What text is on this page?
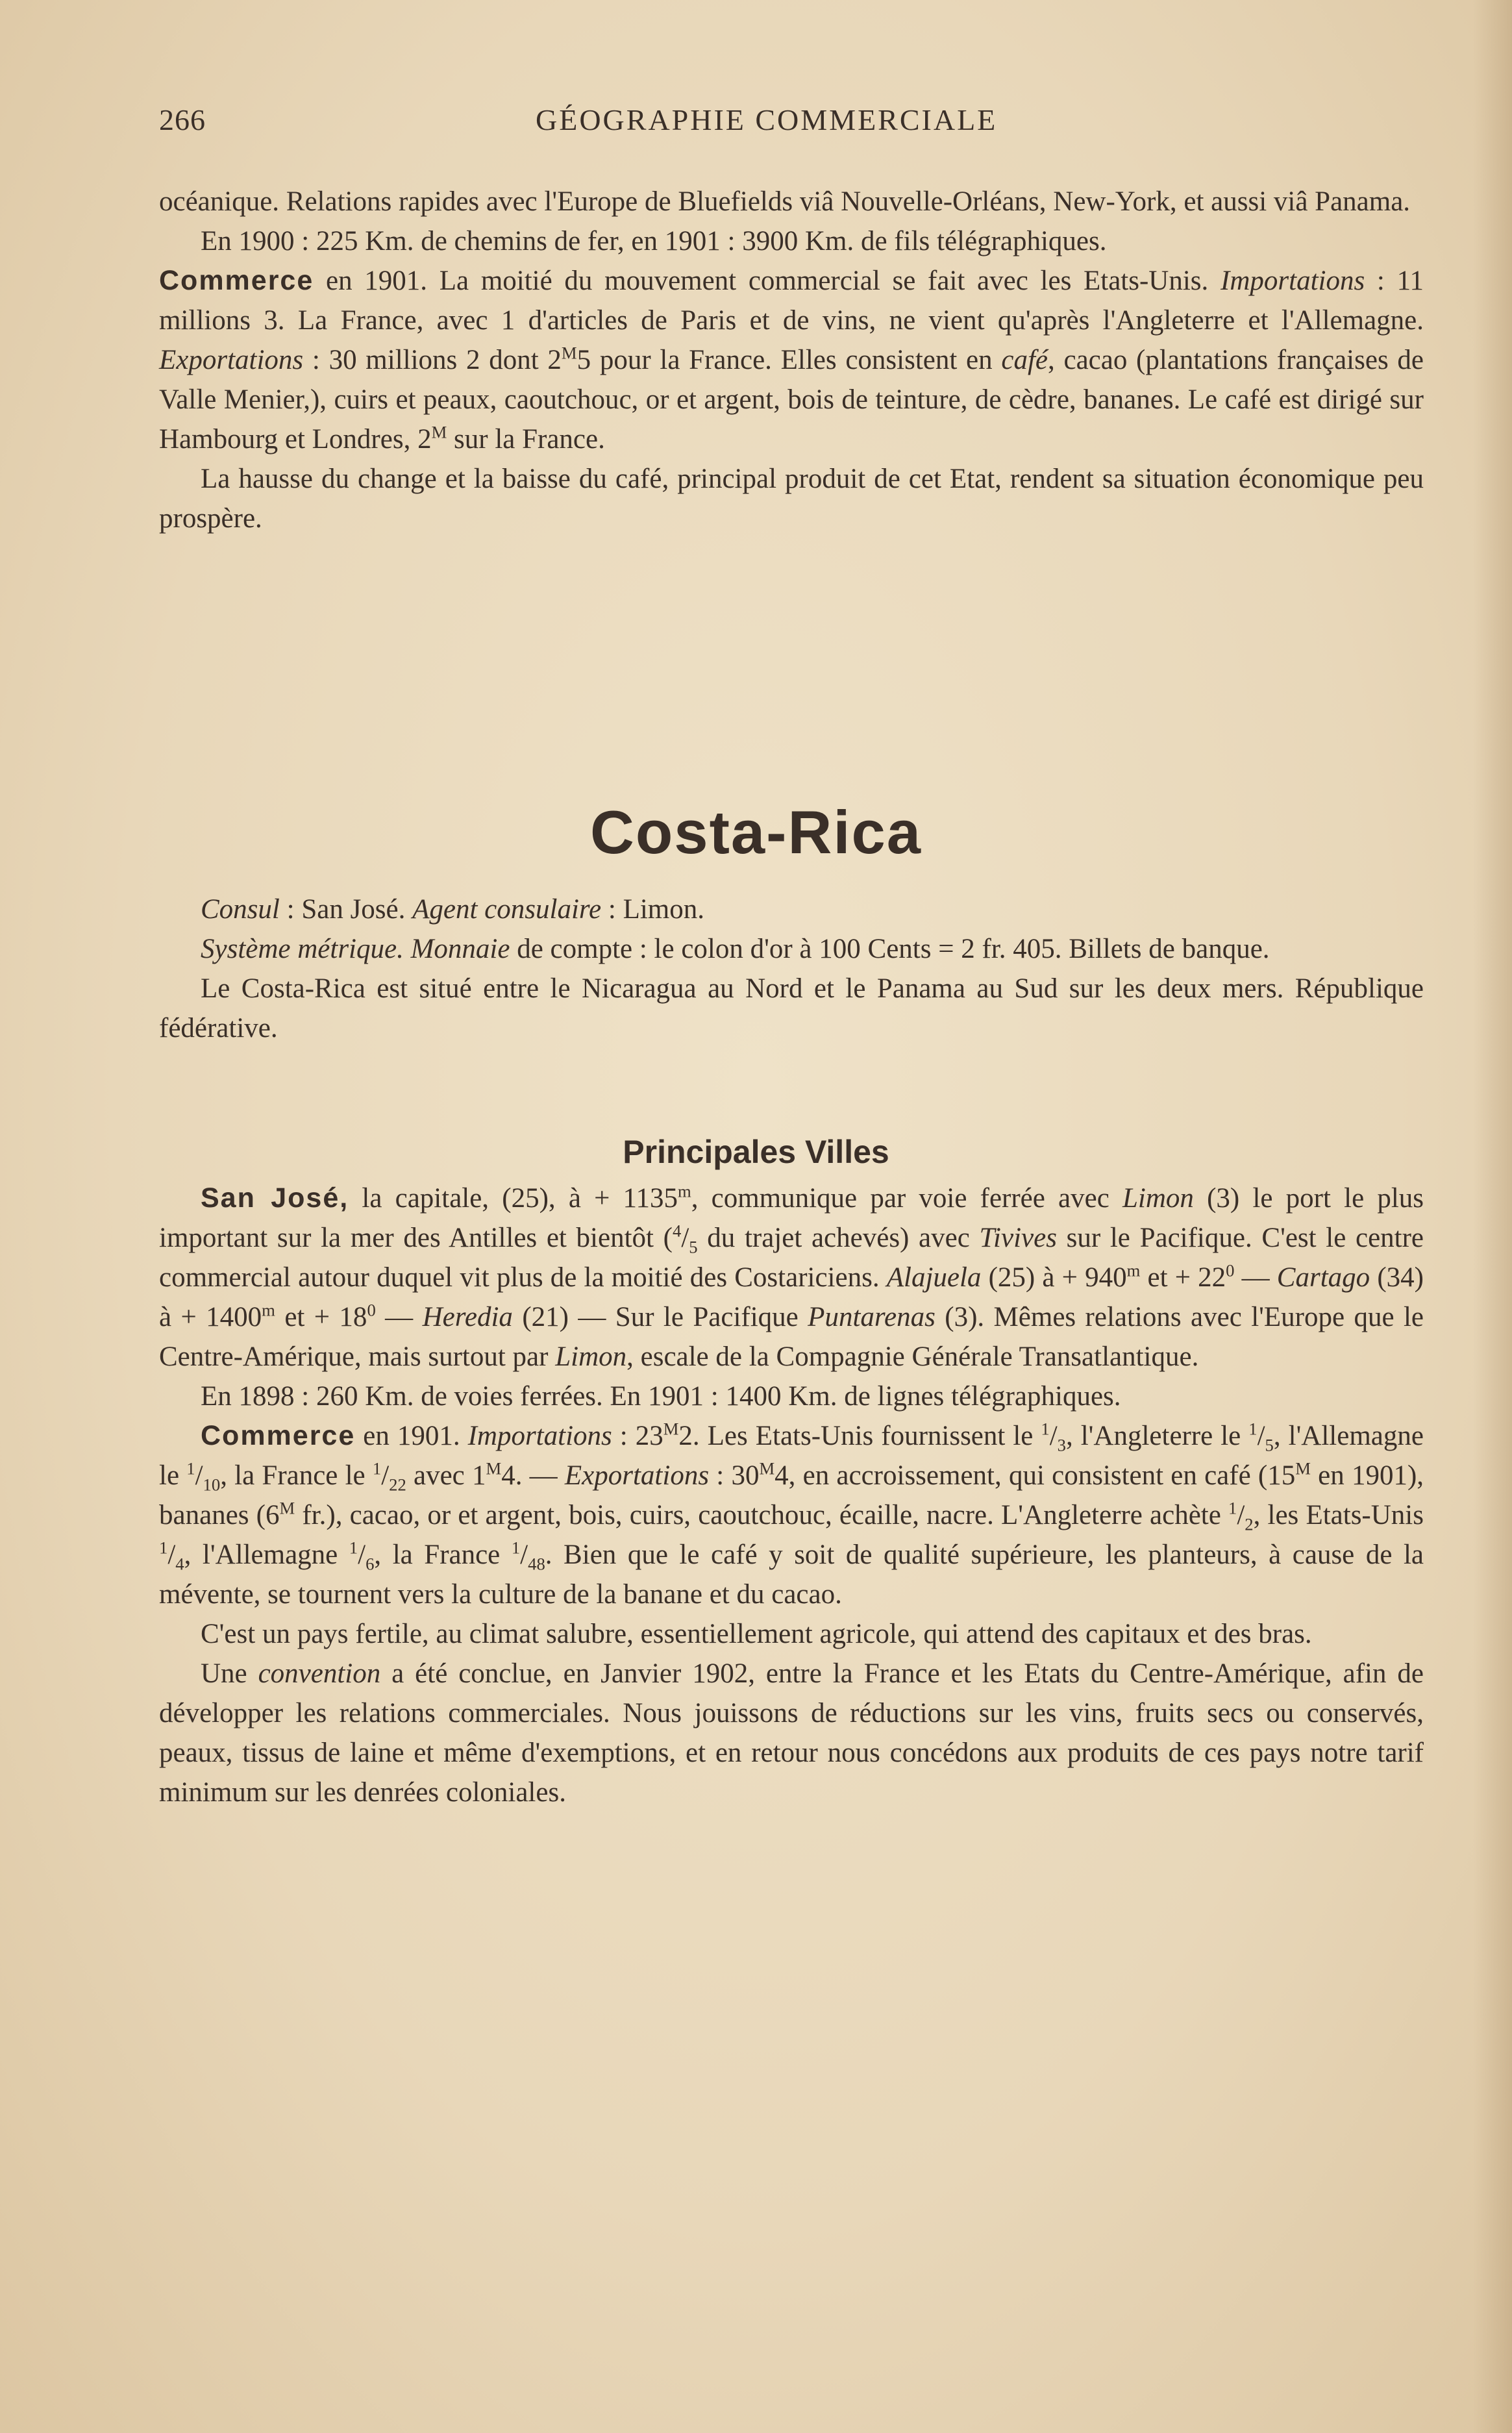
266	GÉOGRAPHIE COMMERCIALE

océanique. Relations rapides avec l'Europe de Bluefields viâ Nouvelle-Orléans, New-York, et aussi viâ Panama.

En 1900 : 225 Km. de chemins de fer, en 1901 : 3900 Km. de fils télégraphiques.

Commerce en 1901. La moitié du mouvement commercial se fait avec les Etats-Unis. Importations : 11 millions 3. La France, avec 1 d'articles de Paris et de vins, ne vient qu'après l'Angleterre et l'Allemagne. Exportations : 30 millions 2 dont $2^M5$ pour la France. Elles consistent en café, cacao (plantations françaises de Valle Menier,), cuirs et peaux, caoutchouc, or et argent, bois de teinture, de cèdre, bananes. Le café est dirigé sur Hambourg et Londres, $2^M$ sur la France.

La hausse du change et la baisse du café, principal produit de cet Etat, rendent sa situation économique peu prospère.

Costa-Rica

Consul : San José. Agent consulaire : Limon.

Système métrique. Monnaie de compte : le colon d'or à 100 Cents = 2 fr. 405. Billets de banque.

Le Costa-Rica est situé entre le Nicaragua au Nord et le Panama au Sud sur les deux mers. République fédérative.

Principales Villes

San José, la capitale, (25), à + $1135^m$, communique par voie ferrée avec Limon (3) le port le plus important sur la mer des Antilles et bientôt ($^4/_5$ du trajet achevés) avec Tivives sur le Pacifique. C'est le centre commercial autour duquel vit plus de la moitié des Costariciens. Alajuela (25) à + $940^m$ et + $22^0$ — Cartago (34) à + $1400^m$ et + $18^0$ — Heredia (21) — Sur le Pacifique Puntarenas (3). Mêmes relations avec l'Europe que le Centre-Amérique, mais surtout par Limon, escale de la Compagnie Générale Transatlantique.

En 1898 : 260 Km. de voies ferrées. En 1901 : 1400 Km. de lignes télégraphiques.

Commerce en 1901. Importations : $23^M2$. Les Etats-Unis fournissent le $^1/_3$, l'Angleterre le $^1/_5$, l'Allemagne le $^1/_{10}$, la France le $^1/_{22}$ avec $1^M4$. — Exportations : $30^M4$, en accroissement, qui consistent en café ($15^M$ en 1901), bananes ($6^M$ fr.), cacao, or et argent, bois, cuirs, caoutchouc, écaille, nacre. L'Angleterre achète $^1/_2$, les Etats-Unis $^1/_4$, l'Allemagne $^1/_6$, la France $^1/_{48}$. Bien que le café y soit de qualité supérieure, les planteurs, à cause de la mévente, se tournent vers la culture de la banane et du cacao.

C'est un pays fertile, au climat salubre, essentiellement agricole, qui attend des capitaux et des bras.

Une convention a été conclue, en Janvier 1902, entre la France et les Etats du Centre-Amérique, afin de développer les relations commerciales. Nous jouissons de réductions sur les vins, fruits secs ou conservés, peaux, tissus de laine et même d'exemptions, et en retour nous concédons aux produits de ces pays notre tarif minimum sur les denrées coloniales.
